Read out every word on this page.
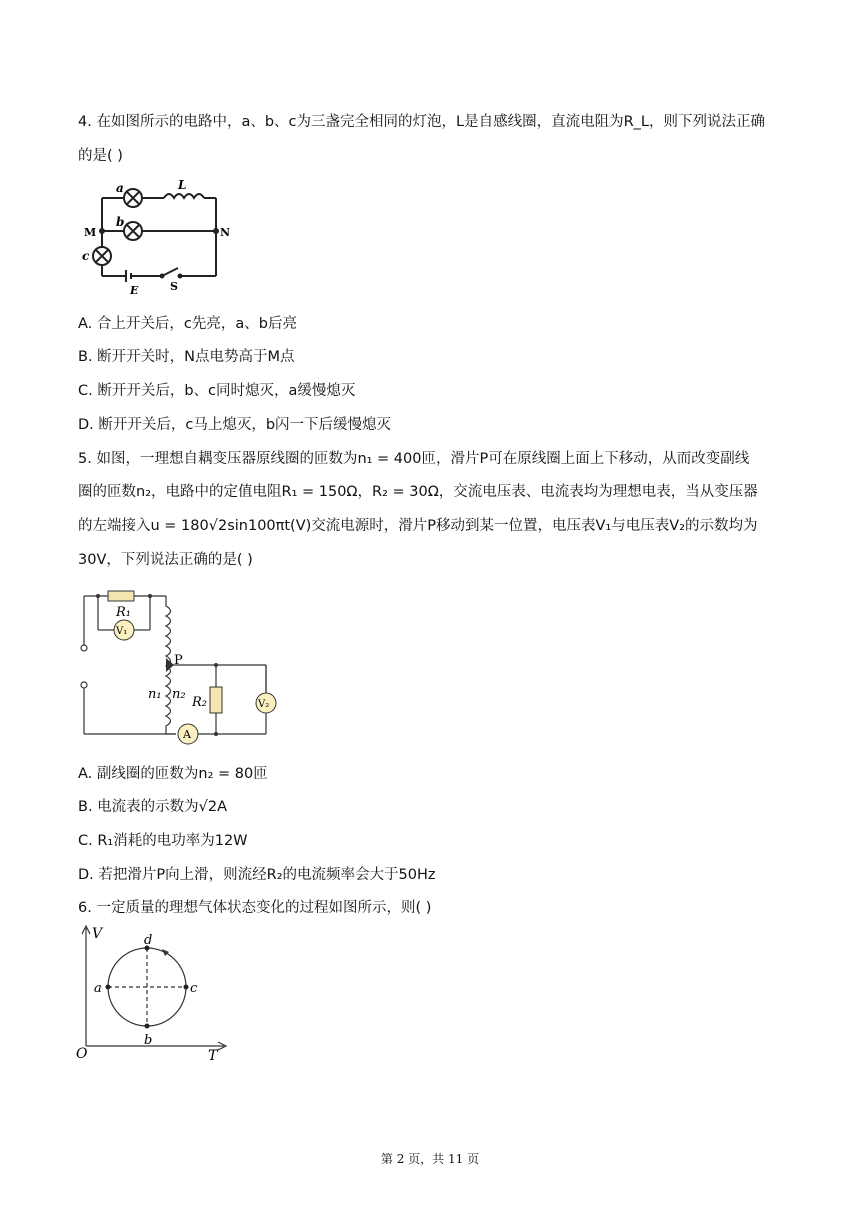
4. 在如图所示的电路中，a、b、c为三盏完全相同的灯泡，L是自感线圈，直流电阻为R_L，则下列说法正确
的是( )
a	L
b
M	N
c
E	S
A. 合上开关后，c先亮，a、b后亮
B. 断开开关时，N点电势高于M点
C. 断开开关后，b、c同时熄灭，a缓慢熄灭
D. 断开开关后，c马上熄灭，b闪一下后缓慢熄灭
5. 如图，一理想自耦变压器原线圈的匝数为n₁ = 400匝，滑片P可在原线圈上面上下移动，从而改变副线
圈的匝数n₂，电路中的定值电阻R₁ = 150Ω，R₂ = 30Ω，交流电压表、电流表均为理想电表，当从变压器
的左端接入u = 180√2sin100πt(V)交流电源时，滑片P移动到某一位置，电压表V₁与电压表V₂的示数均为
30V，下列说法正确的是( )
R₁
V₁
P
n₁ n₂
R₂	V₂
A
A. 副线圈的匝数为n₂ = 80匝
B. 电流表的示数为√2A
C. R₁消耗的电功率为12W
D. 若把滑片P向上滑，则流经R₂的电流频率会大于50Hz
6. 一定质量的理想气体状态变化的过程如图所示，则( )
V
T
O
a
b
c
d
第 2 页，共 11 页
